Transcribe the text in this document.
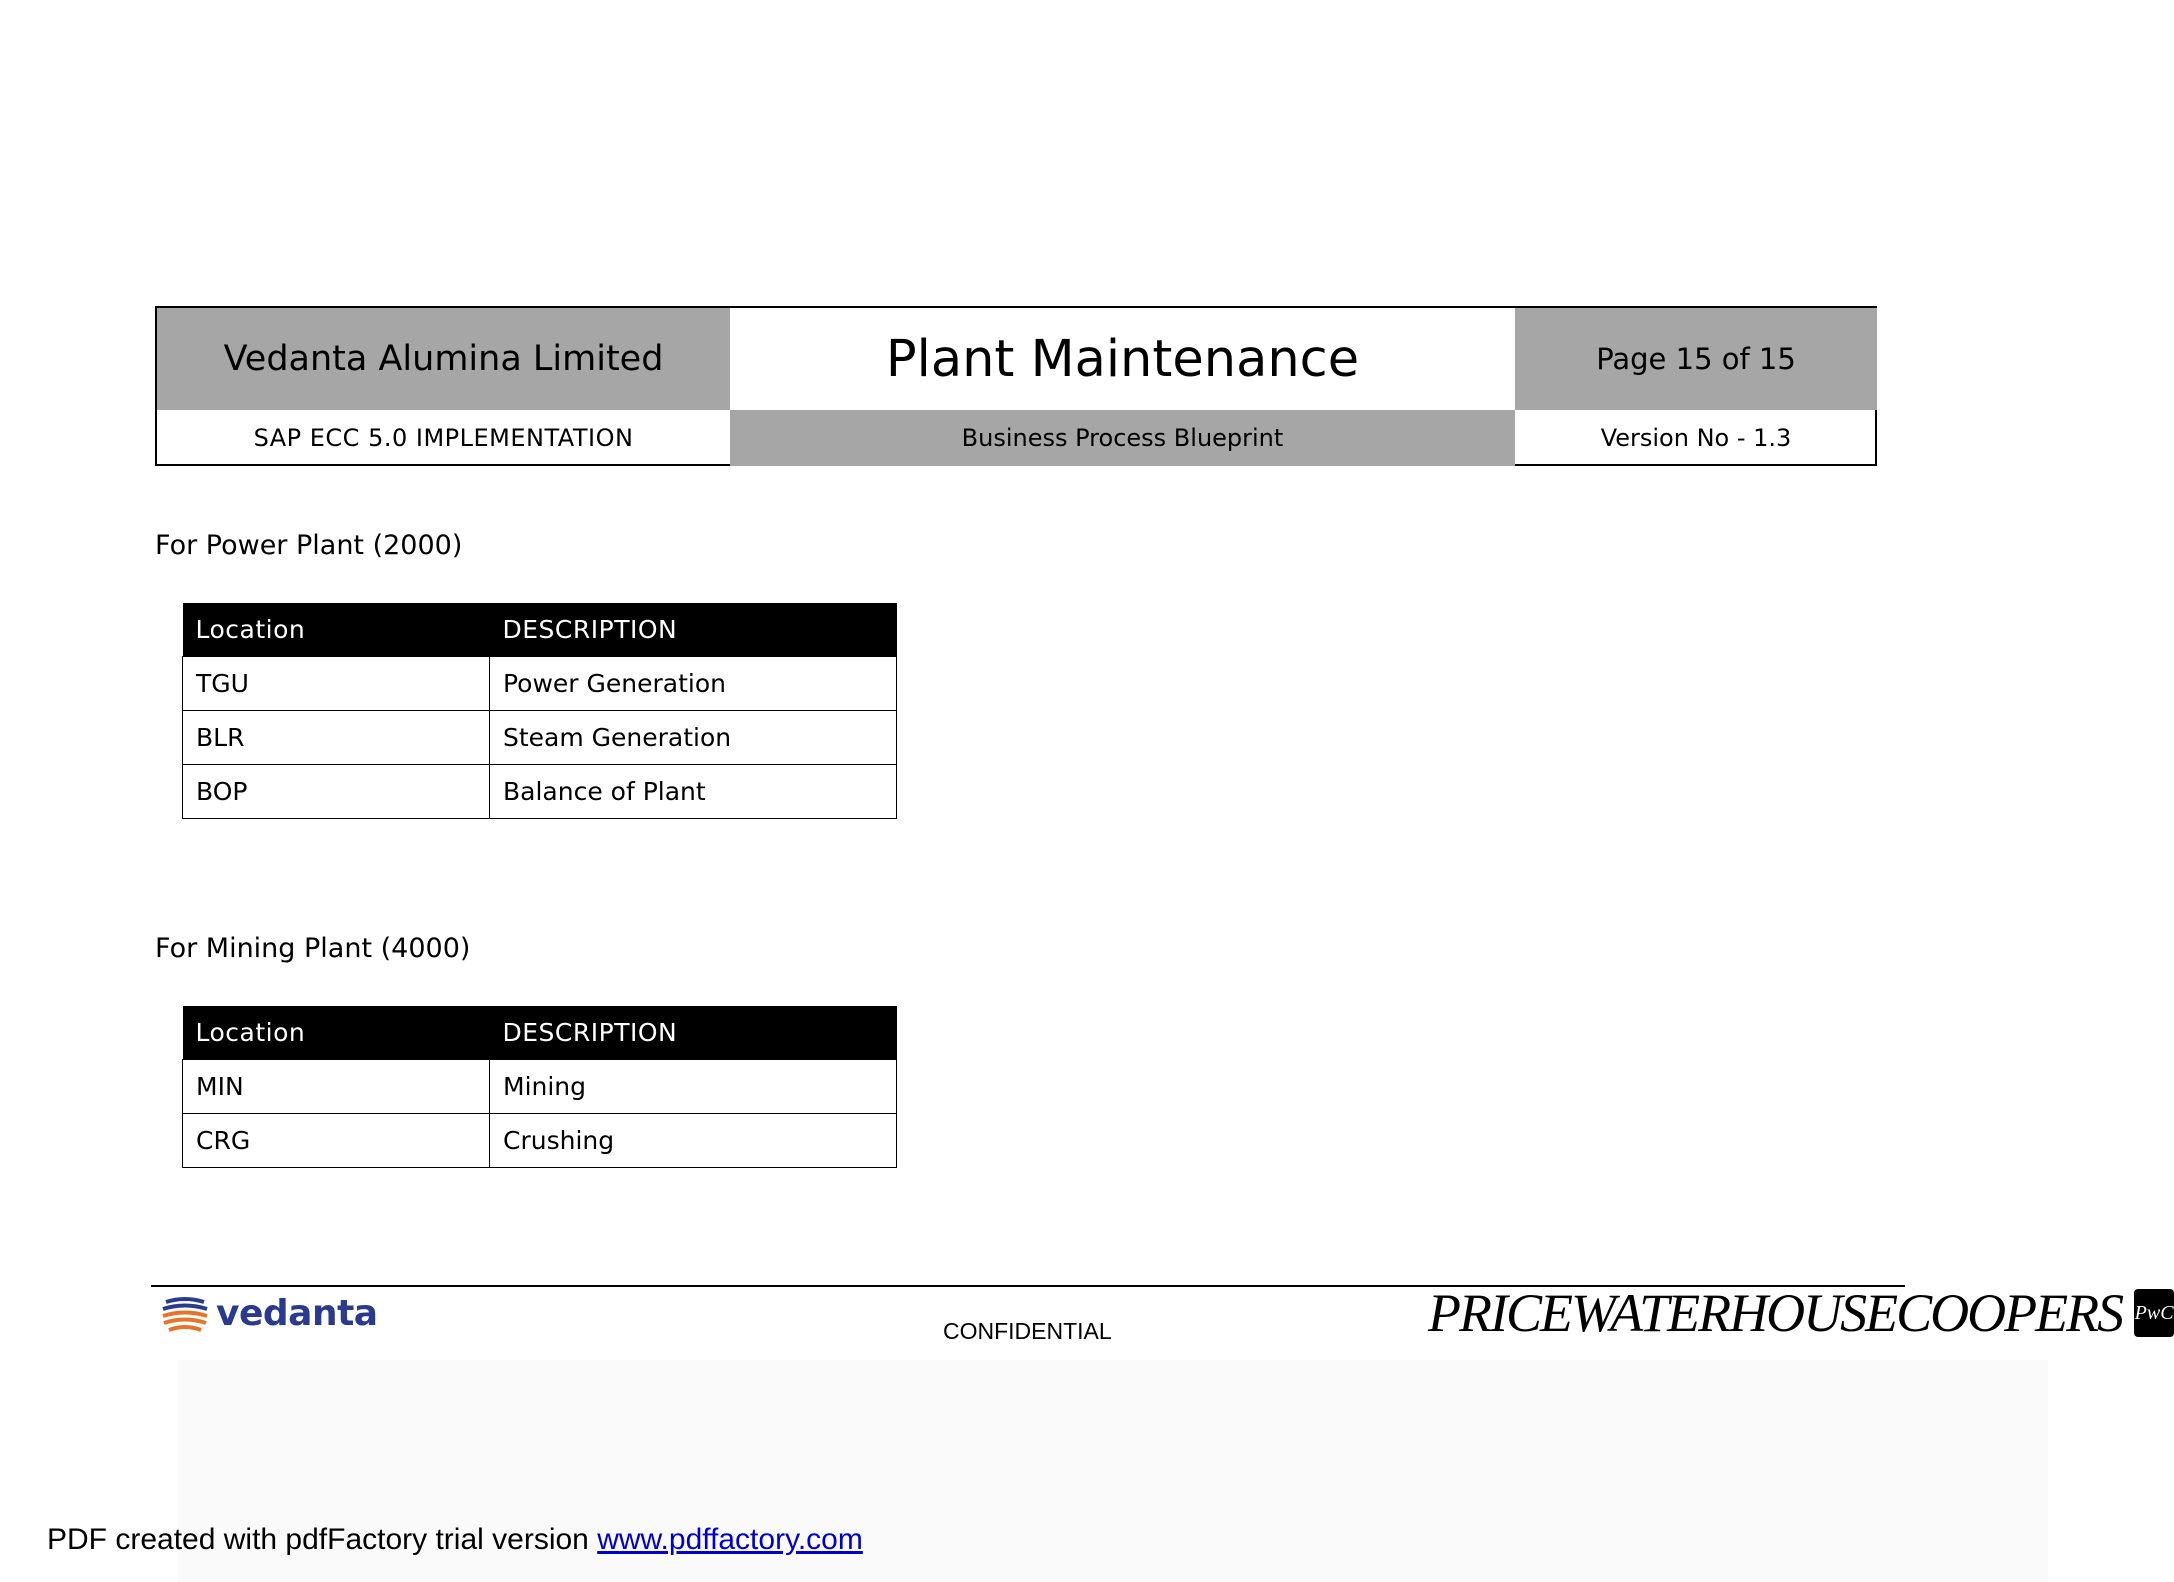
Vedanta Alumina Limited	Plant Maintenance	Page 15 of 15
SAP ECC 5.0 IMPLEMENTATION	Business Process Blueprint	Version No - 1.3
For Power Plant (2000)
Location	DESCRIPTION
TGU	Power Generation
BLR	Steam Generation
BOP	Balance of Plant
For Mining Plant (4000)
Location	DESCRIPTION
MIN	Mining
CRG	Crushing
vedanta	CONFIDENTIAL	PRICEWATERHOUSECOOPERS PwC
PDF created with pdfFactory trial version www.pdffactory.com
